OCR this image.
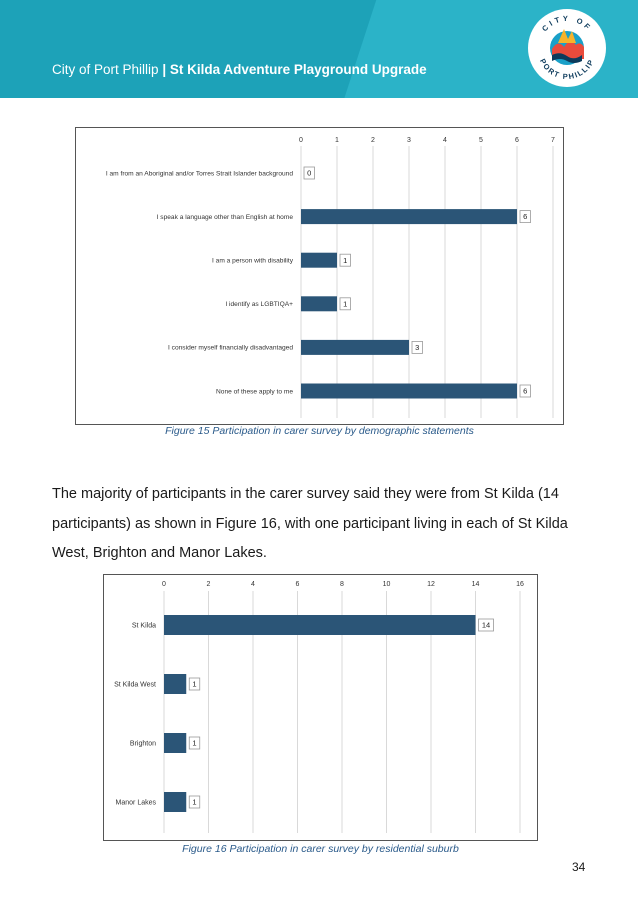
City of Port Phillip | St Kilda Adventure Playground Upgrade
CITY OF
PORT PHILLIP
0	1	2	3	4	5	6	7
I am from an Aboriginal and/or Torres Strait Islander background 0
I speak a language other than English at home	6
I am a person with disability	1
I identify as LGBTIQA+	1
I consider myself financially disadvantaged	3
None of these apply to me	6
Figure 15 Participation in carer survey by demographic statements
The majority of participants in the carer survey said they were from St Kilda (14 participants) as shown in Figure 16, with one participant living in each of St Kilda West, Brighton and Manor Lakes.
0	2	4	6	8	10	12	14	16
St Kilda	14
St Kilda West	1
Brighton	1
Manor Lakes	1
Figure 16 Participation in carer survey by residential suburb
34
